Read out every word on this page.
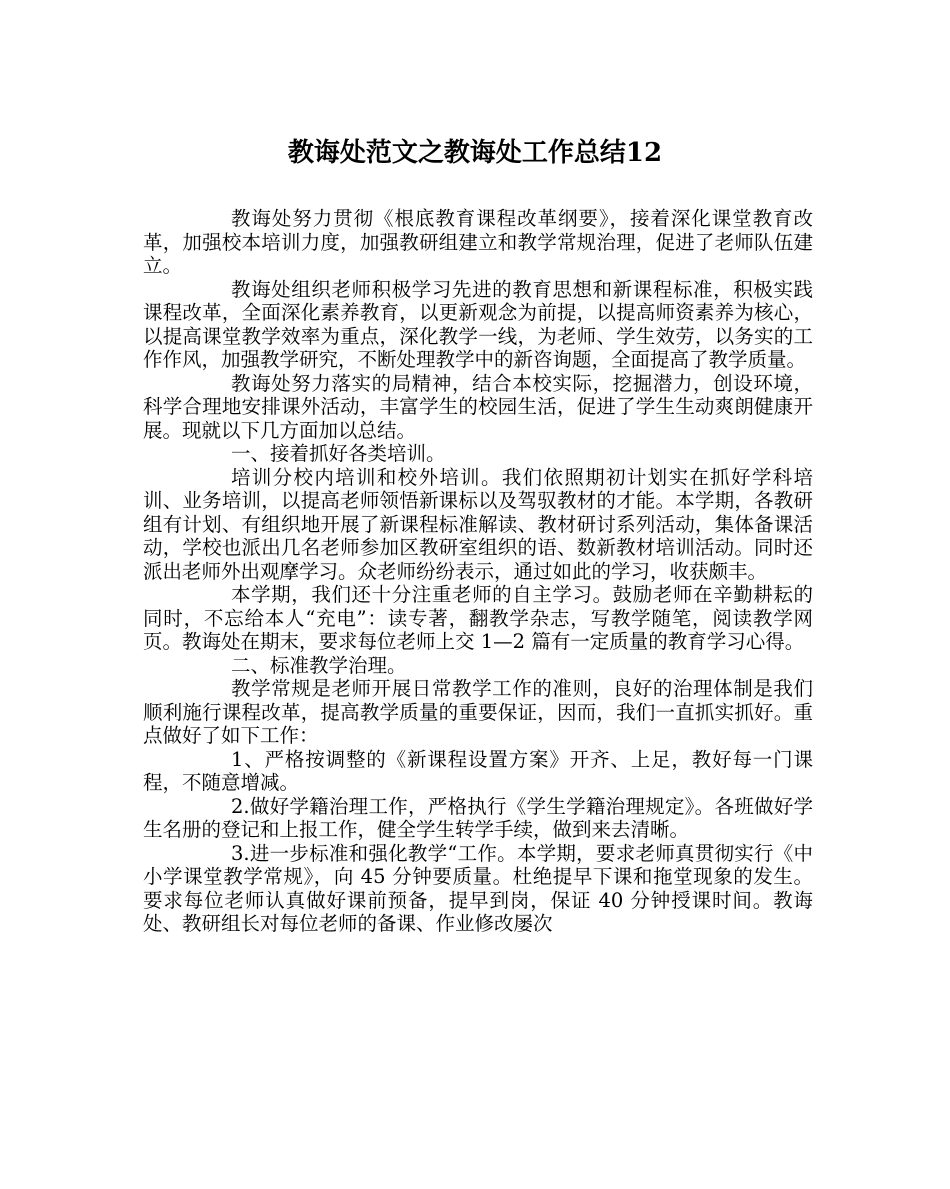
教诲处范文之教诲处工作总结12

教诲处努力贯彻《根底教育课程改革纲要》，接着深化课堂教育改革，加强校本培训力度，加强教研组建立和教学常规治理，促进了老师队伍建立。

教诲处组织老师积极学习先进的教育思想和新课程标准，积极实践课程改革，全面深化素养教育，以更新观念为前提，以提高师资素养为核心，以提高课堂教学效率为重点，深化教学一线，为老师、学生效劳，以务实的工作作风，加强教学研究，不断处理教学中的新咨询题，全面提高了教学质量。

教诲处努力落实的局精神，结合本校实际，挖掘潜力，创设环境，科学合理地安排课外活动，丰富学生的校园生活，促进了学生生动爽朗健康开展。现就以下几方面加以总结。

一、接着抓好各类培训。

培训分校内培训和校外培训。我们依照期初计划实在抓好学科培训、业务培训，以提高老师领悟新课标以及驾驭教材的才能。本学期，各教研组有计划、有组织地开展了新课程标准解读、教材研讨系列活动，集体备课活动，学校也派出几名老师参加区教研室组织的语、数新教材培训活动。同时还派出老师外出观摩学习。众老师纷纷表示，通过如此的学习，收获颇丰。

本学期，我们还十分注重老师的自主学习。鼓励老师在辛勤耕耘的同时，不忘给本人“充电”：读专著，翻教学杂志，写教学随笔，阅读教学网页。教诲处在期末，要求每位老师上交 1—2 篇有一定质量的教育学习心得。

二、标准教学治理。

教学常规是老师开展日常教学工作的准则，良好的治理体制是我们顺利施行课程改革，提高教学质量的重要保证，因而，我们一直抓实抓好。重点做好了如下工作：

1、严格按调整的《新课程设置方案》开齐、上足，教好每一门课程，不随意增减。

2.做好学籍治理工作，严格执行《学生学籍治理规定》。各班做好学生名册的登记和上报工作，健全学生转学手续，做到来去清晰。

3.进一步标准和强化教学“工作。本学期，要求老师真贯彻实行《中小学课堂教学常规》，向 45 分钟要质量。杜绝提早下课和拖堂现象的发生。要求每位老师认真做好课前预备，提早到岗，保证 40 分钟授课时间。教诲处、教研组长对每位老师的备课、作业修改屡次
